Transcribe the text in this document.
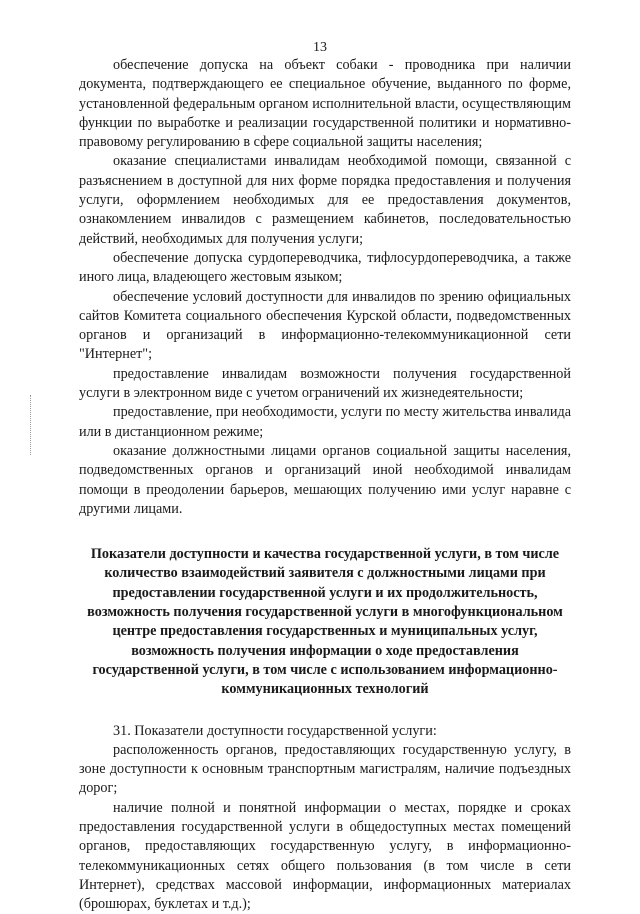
13

обеспечение допуска на объект собаки - проводника при наличии документа, подтверждающего ее специальное обучение, выданного по форме, установленной федеральным органом исполнительной власти, осуществляющим функции по выработке и реализации государственной политики и нормативно-правовому регулированию в сфере социальной защиты населения;

оказание специалистами инвалидам необходимой помощи, связанной с разъяснением в доступной для них форме порядка предоставления и получения услуги, оформлением необходимых для ее предоставления документов, ознакомлением инвалидов с размещением кабинетов, последовательностью действий, необходимых для получения услуги;

обеспечение допуска сурдопереводчика, тифлосурдопереводчика, а также иного лица, владеющего жестовым языком;

обеспечение условий доступности для инвалидов по зрению официальных сайтов Комитета социального обеспечения Курской области, подведомственных органов и организаций в информационно-телекоммуникационной сети "Интернет";

предоставление инвалидам возможности получения государственной услуги в электронном виде с учетом ограничений их жизнедеятельности;

предоставление, при необходимости, услуги по месту жительства инвалида или в дистанционном режиме;

оказание должностными лицами органов социальной защиты населения, подведомственных органов и организаций иной необходимой инвалидам помощи в преодолении барьеров, мешающих получению ими услуг наравне с другими лицами.

Показатели доступности и качества государственной услуги, в том числе количество взаимодействий заявителя с должностными лицами при предоставлении государственной услуги и их продолжительность, возможность получения государственной услуги в многофункциональном центре предоставления государственных и муниципальных услуг, возможность получения информации о ходе предоставления государственной услуги, в том числе с использованием информационно-коммуникационных технологий

31. Показатели доступности государственной услуги:

расположенность органов, предоставляющих государственную услугу, в зоне доступности к основным транспортным магистралям, наличие подъездных дорог;

наличие полной и понятной информации о местах, порядке и сроках предоставления государственной услуги в общедоступных местах помещений органов, предоставляющих государственную услугу, в информационно-телекоммуникационных сетях общего пользования (в том числе в сети Интернет), средствах массовой информации, информационных материалах (брошюрах, буклетах и т.д.);
